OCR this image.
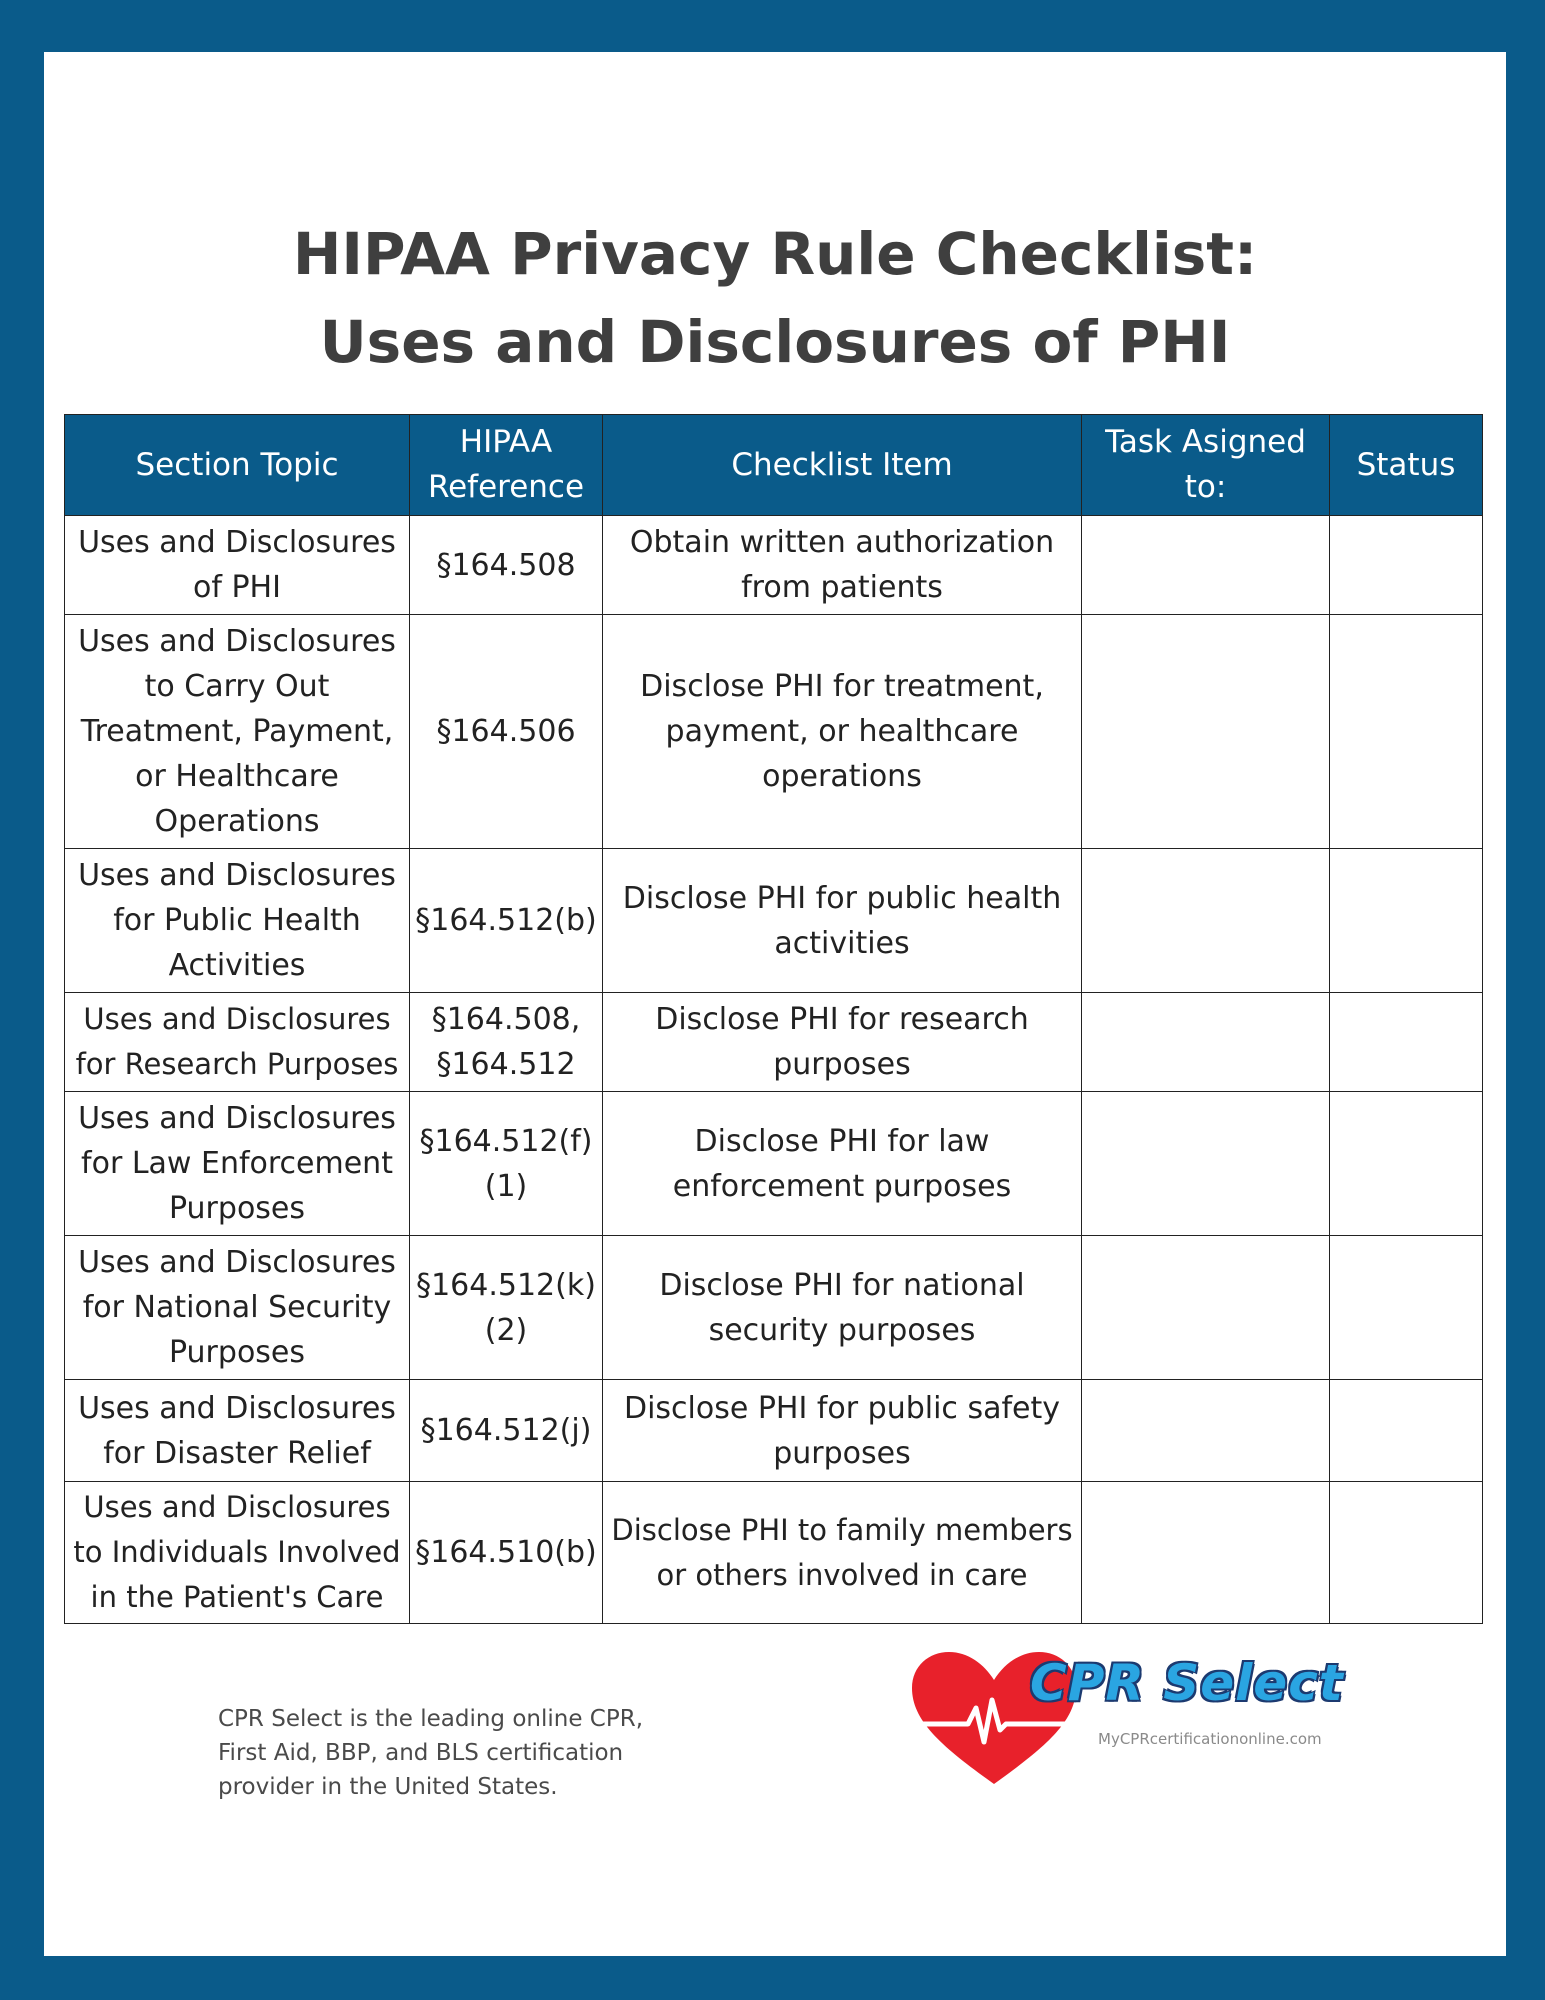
HIPAA Privacy Rule Checklist:
Uses and Disclosures of PHI
Section Topic	HIPAA Reference	Checklist Item	Task Asigned to:	Status
Uses and Disclosures of PHI	§164.508	Obtain written authorization from patients		
Uses and Disclosures to Carry Out Treatment, Payment, or Healthcare Operations	§164.506	Disclose PHI for treatment, payment, or healthcare operations		
Uses and Disclosures for Public Health Activities	§164.512(b)	Disclose PHI for public health activities		
Uses and Disclosures for Research Purposes	§164.508, §164.512	Disclose PHI for research purposes		
Uses and Disclosures for Law Enforcement Purposes	§164.512(f)(1)	Disclose PHI for law enforcement purposes		
Uses and Disclosures for National Security Purposes	§164.512(k)(2)	Disclose PHI for national security purposes		
Uses and Disclosures for Disaster Relief	§164.512(j)	Disclose PHI for public safety purposes		
Uses and Disclosures to Individuals Involved in the Patient's Care	§164.510(b)	Disclose PHI to family members or others involved in care		
CPR Select is the leading online CPR, First Aid, BBP, and BLS certification provider in the United States.
CPR Select
MyCPRcertificationonline.com
